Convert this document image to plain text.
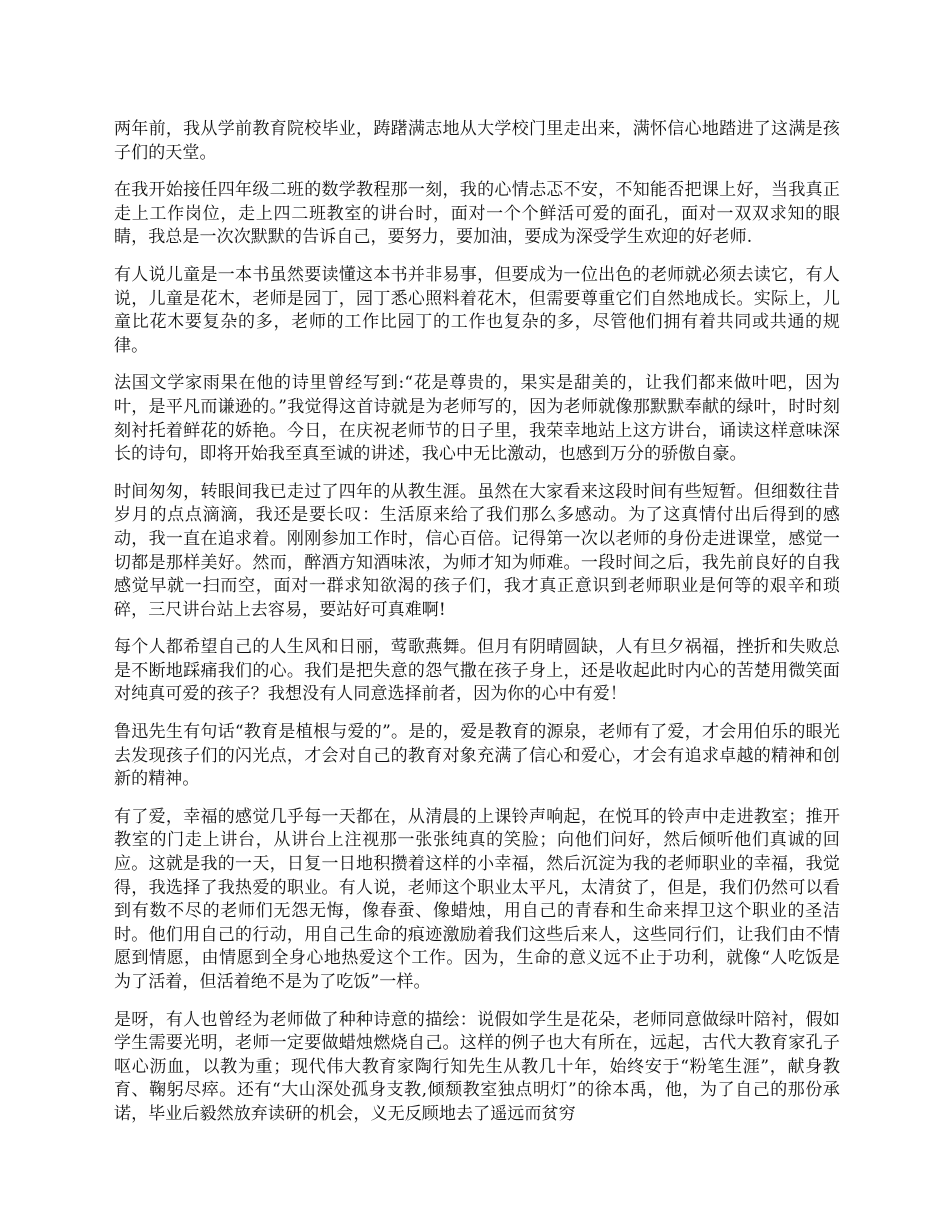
两年前，我从学前教育院校毕业，踌躇满志地从大学校门里走出来，满怀信心地踏进了这满是孩子们的天堂。

在我开始接任四年级二班的数学教程那一刻，我的心情忐忑不安，不知能否把课上好，当我真正走上工作岗位，走上四二班教室的讲台时，面对一个个鲜活可爱的面孔，面对一双双求知的眼睛，我总是一次次默默的告诉自己，要努力，要加油，要成为深受学生欢迎的好老师.

有人说儿童是一本书虽然要读懂这本书并非易事，但要成为一位出色的老师就必须去读它，有人说，儿童是花木，老师是园丁，园丁悉心照料着花木，但需要尊重它们自然地成长。实际上，儿童比花木要复杂的多，老师的工作比园丁的工作也复杂的多，尽管他们拥有着共同或共通的规律。

法国文学家雨果在他的诗里曾经写到:“花是尊贵的，果实是甜美的，让我们都来做叶吧，因为叶，是平凡而谦逊的。”我觉得这首诗就是为老师写的，因为老师就像那默默奉献的绿叶，时时刻刻衬托着鲜花的娇艳。今日，在庆祝老师节的日子里，我荣幸地站上这方讲台，诵读这样意味深长的诗句，即将开始我至真至诚的讲述，我心中无比激动，也感到万分的骄傲自豪。

时间匆匆，转眼间我已走过了四年的从教生涯。虽然在大家看来这段时间有些短暂。但细数往昔岁月的点点滴滴，我还是要长叹：生活原来给了我们那么多感动。为了这真情付出后得到的感动，我一直在追求着。刚刚参加工作时，信心百倍。记得第一次以老师的身份走进课堂，感觉一切都是那样美好。然而，醉酒方知酒味浓，为师才知为师难。一段时间之后，我先前良好的自我感觉早就一扫而空，面对一群求知欲渴的孩子们，我才真正意识到老师职业是何等的艰辛和琐碎，三尺讲台站上去容易，要站好可真难啊!

每个人都希望自己的人生风和日丽，莺歌燕舞。但月有阴晴圆缺，人有旦夕祸福，挫折和失败总是不断地踩痛我们的心。我们是把失意的怨气撒在孩子身上，还是收起此时内心的苦楚用微笑面对纯真可爱的孩子？我想没有人同意选择前者，因为你的心中有爱！

鲁迅先生有句话“教育是植根与爱的”。是的，爱是教育的源泉，老师有了爱，才会用伯乐的眼光去发现孩子们的闪光点，才会对自己的教育对象充满了信心和爱心，才会有追求卓越的精神和创新的精神。

有了爱，幸福的感觉几乎每一天都在，从清晨的上课铃声响起，在悦耳的铃声中走进教室；推开教室的门走上讲台，从讲台上注视那一张张纯真的笑脸；向他们问好，然后倾听他们真诚的回应。这就是我的一天，日复一日地积攒着这样的小幸福，然后沉淀为我的老师职业的幸福，我觉得，我选择了我热爱的职业。有人说，老师这个职业太平凡，太清贫了，但是，我们仍然可以看到有数不尽的老师们无怨无悔，像春蚕、像蜡烛，用自己的青春和生命来捍卫这个职业的圣洁时。他们用自己的行动，用自己生命的痕迹激励着我们这些后来人，这些同行们，让我们由不情愿到情愿，由情愿到全身心地热爱这个工作。因为，生命的意义远不止于功利，就像“人吃饭是为了活着，但活着绝不是为了吃饭”一样。

是呀，有人也曾经为老师做了种种诗意的描绘：说假如学生是花朵，老师同意做绿叶陪衬，假如学生需要光明，老师一定要做蜡烛燃烧自己。这样的例子也大有所在，远起，古代大教育家孔子呕心沥血，以教为重；现代伟大教育家陶行知先生从教几十年，始终安于“粉笔生涯”，献身教育、鞠躬尽瘁。还有“大山深处孤身支教,倾颓教室独点明灯”的徐本禹，他，为了自己的那份承诺，毕业后毅然放弃读研的机会，义无反顾地去了遥远而贫穷
